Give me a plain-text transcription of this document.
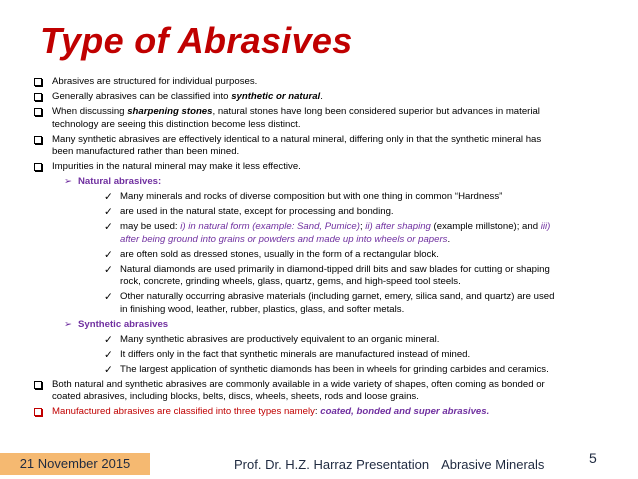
Type of Abrasives
Abrasives are structured for individual purposes.
Generally abrasives can be classified into synthetic or natural.
When discussing sharpening stones, natural stones have long been considered superior but advances in material
technology are seeing this distinction become less distinct.
Many synthetic abrasives are effectively identical to a natural mineral, differing only in that the synthetic mineral has
been manufactured rather than been mined.
Impurities in the natural mineral may make it less effective.
➢ Natural abrasives:
✓ Many minerals and rocks of diverse composition but with one thing in common “Hardness”
✓ are used in the natural state, except for processing and bonding.
✓ may be used: i) in natural form (example: Sand, Pumice); ii) after shaping (example millstone); and iii)
after being ground into grains or powders and made up into wheels or papers.
✓ are often sold as dressed stones, usually in the form of a rectangular block.
✓ Natural diamonds are used primarily in diamond-tipped drill bits and saw blades for cutting or shaping
rock, concrete, grinding wheels, glass, quartz, gems, and high-speed tool steels.
✓ Other naturally occurring abrasive materials (including garnet, emery, silica sand, and quartz) are used
in finishing wood, leather, rubber, plastics, glass, and softer metals.
➢ Synthetic abrasives
✓ Many synthetic abrasives are productively equivalent to an organic mineral.
✓ It differs only in the fact that synthetic minerals are manufactured instead of mined.
✓ The largest application of synthetic diamonds has been in wheels for grinding carbides and ceramics.
Both natural and synthetic abrasives are commonly available in a wide variety of shapes, often coming as bonded or
coated abrasives, including blocks, belts, discs, wheels, sheets, rods and loose grains.
Manufactured abrasives are classified into three types namely: coated, bonded and super abrasives.
21 November 2015	Prof. Dr. H.Z. Harraz Presentation Abrasive Minerals	5
